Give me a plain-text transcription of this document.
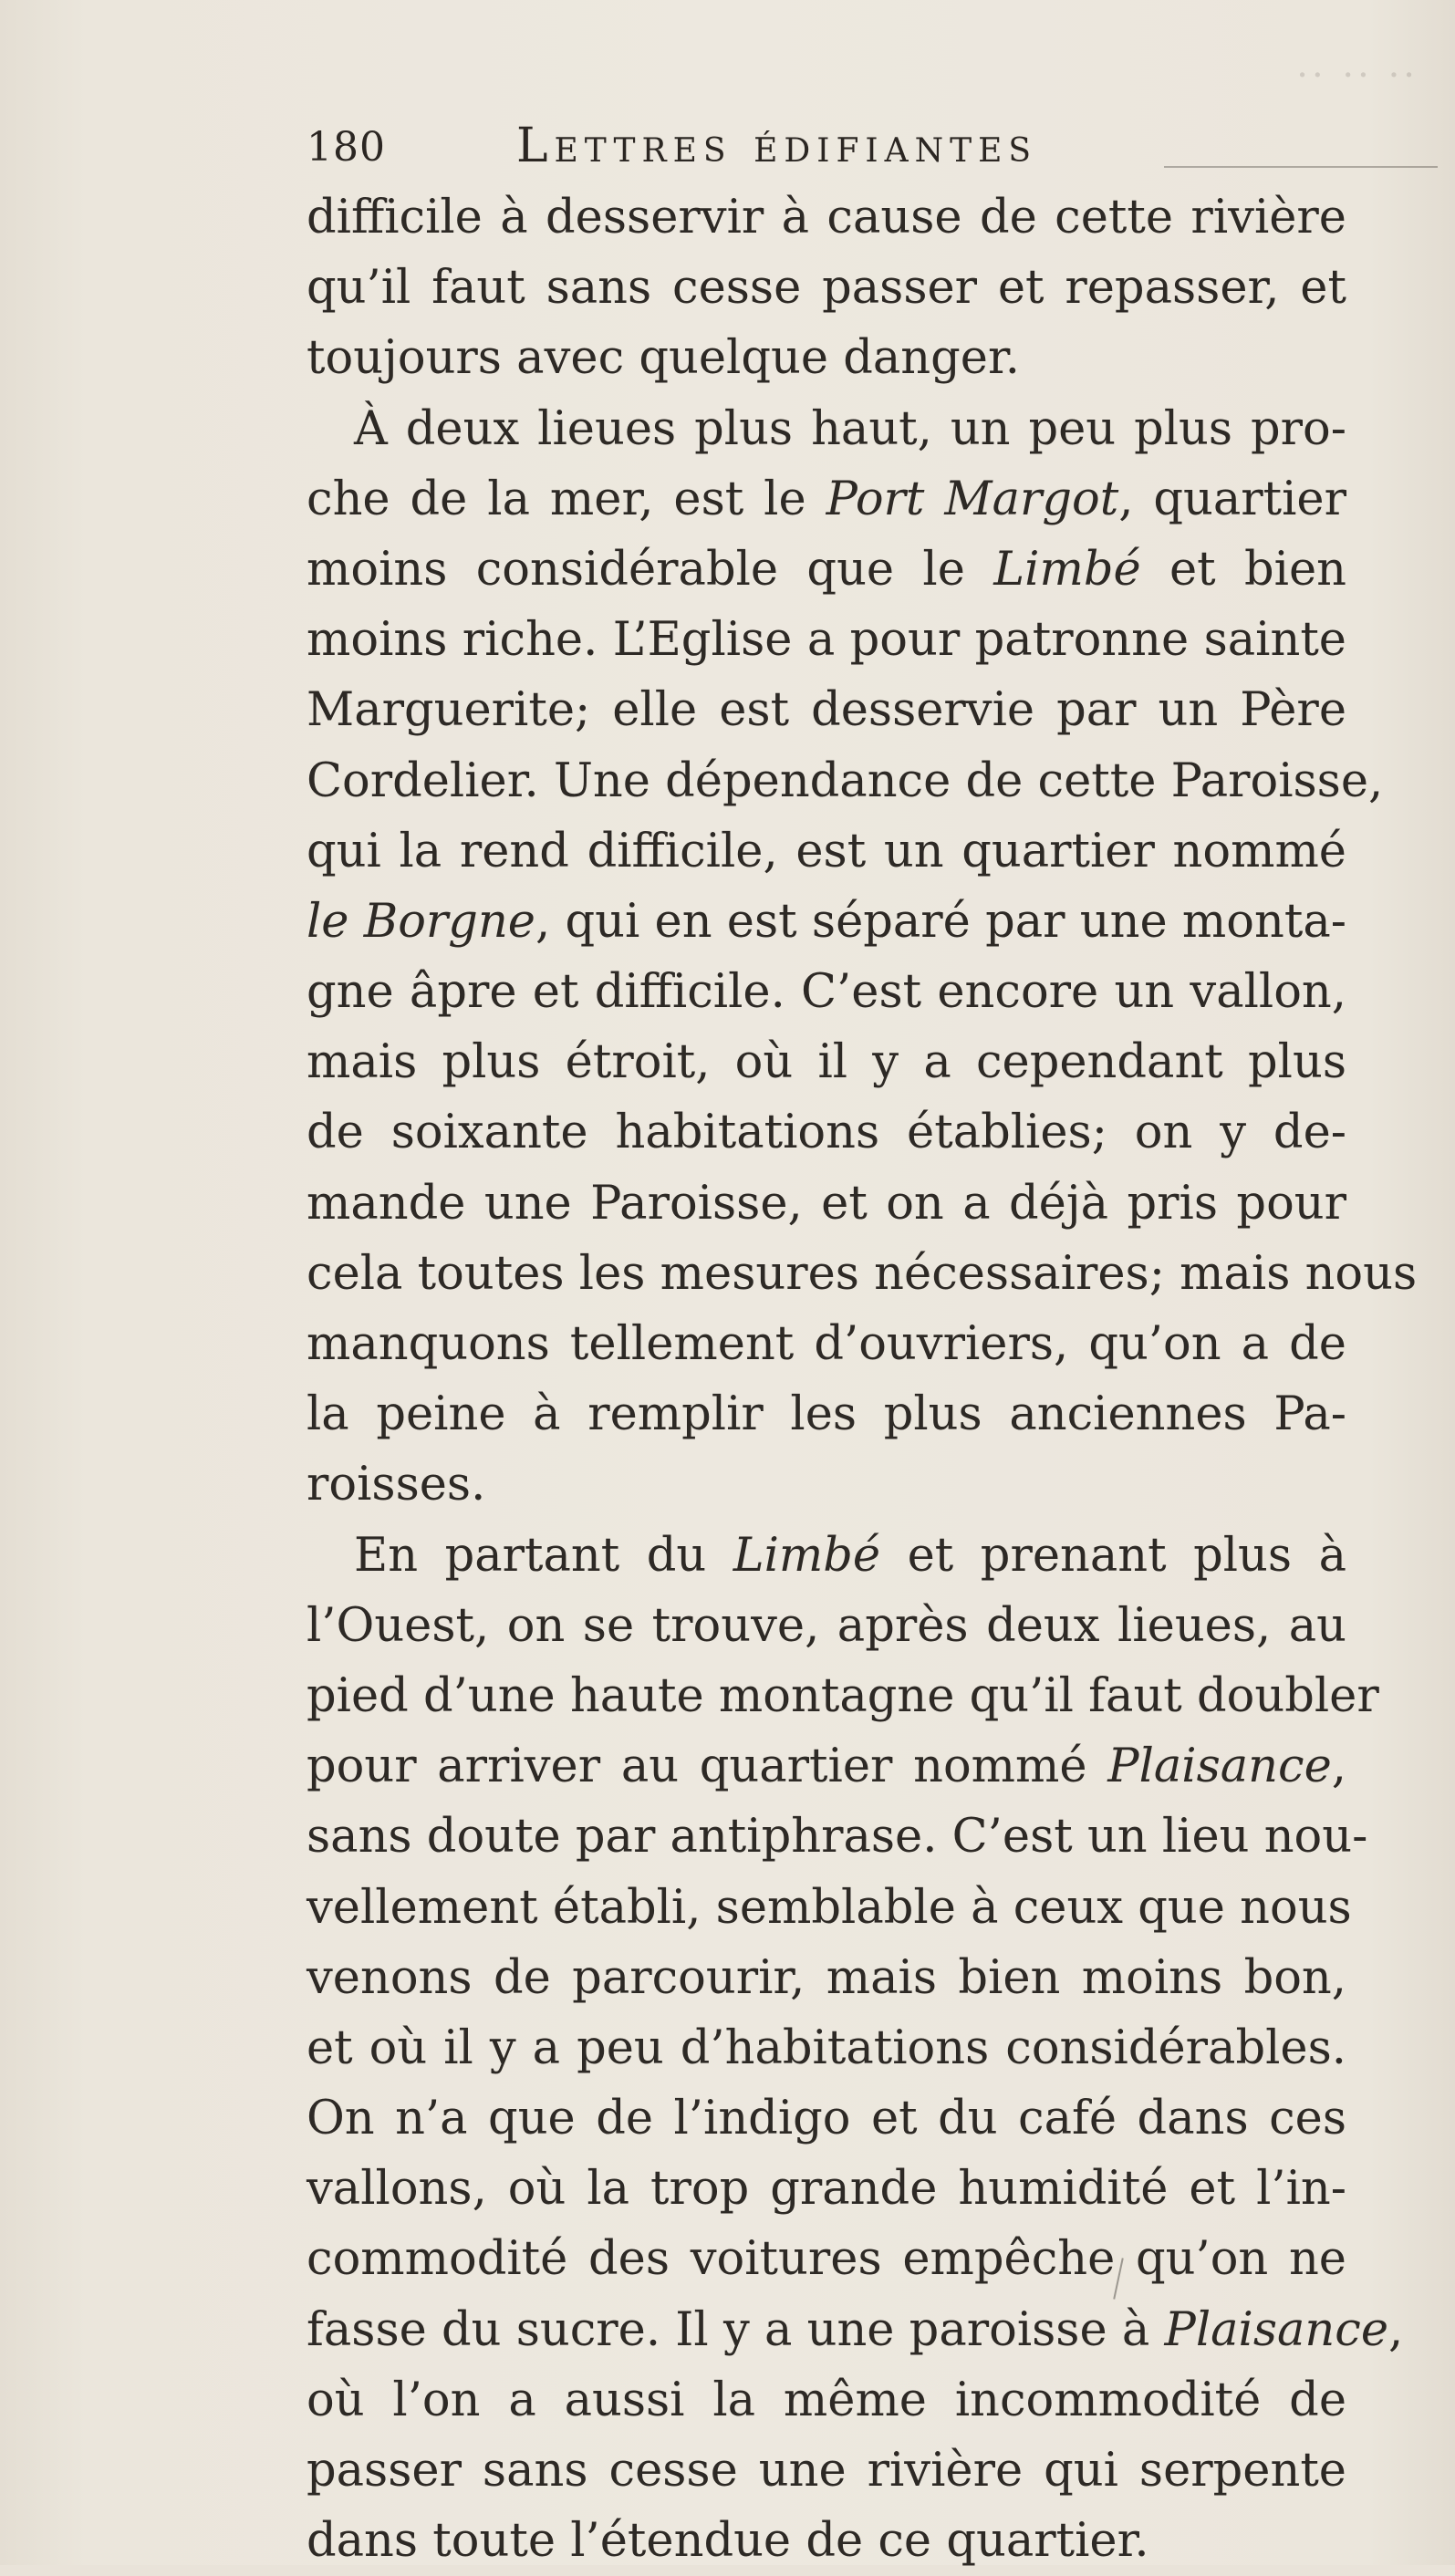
·· ·· ··
180	Lettres édifiantes
difficile à desservir à cause de cette rivière
qu’il faut sans cesse passer et repasser, et
toujours avec quelque danger.
À deux lieues plus haut, un peu plus pro-
che de la mer, est le Port Margot, quartier
moins considérable que le Limbé et bien
moins riche. L’Eglise a pour patronne sainte
Marguerite; elle est desservie par un Père
Cordelier. Une dépendance de cette Paroisse,
qui la rend difficile, est un quartier nommé
le Borgne, qui en est séparé par une monta-
gne âpre et difficile. C’est encore un vallon,
mais plus étroit, où il y a cependant plus
de soixante habitations établies; on y de-
mande une Paroisse, et on a déjà pris pour
cela toutes les mesures nécessaires; mais nous
manquons tellement d’ouvriers, qu’on a de
la peine à remplir les plus anciennes Pa-
roisses.
En partant du Limbé et prenant plus à
l’Ouest, on se trouve, après deux lieues, au
pied d’une haute montagne qu’il faut doubler
pour arriver au quartier nommé Plaisance,
sans doute par antiphrase. C’est un lieu nou-
vellement établi, semblable à ceux que nous
venons de parcourir, mais bien moins bon,
et où il y a peu d’habitations considérables.
On n’a que de l’indigo et du café dans ces
vallons, où la trop grande humidité et l’in-
commodité des voitures empêche qu’on ne
fasse du sucre. Il y a une paroisse à Plaisance,
où l’on a aussi la même incommodité de
passer sans cesse une rivière qui serpente
dans toute l’étendue de ce quartier.
